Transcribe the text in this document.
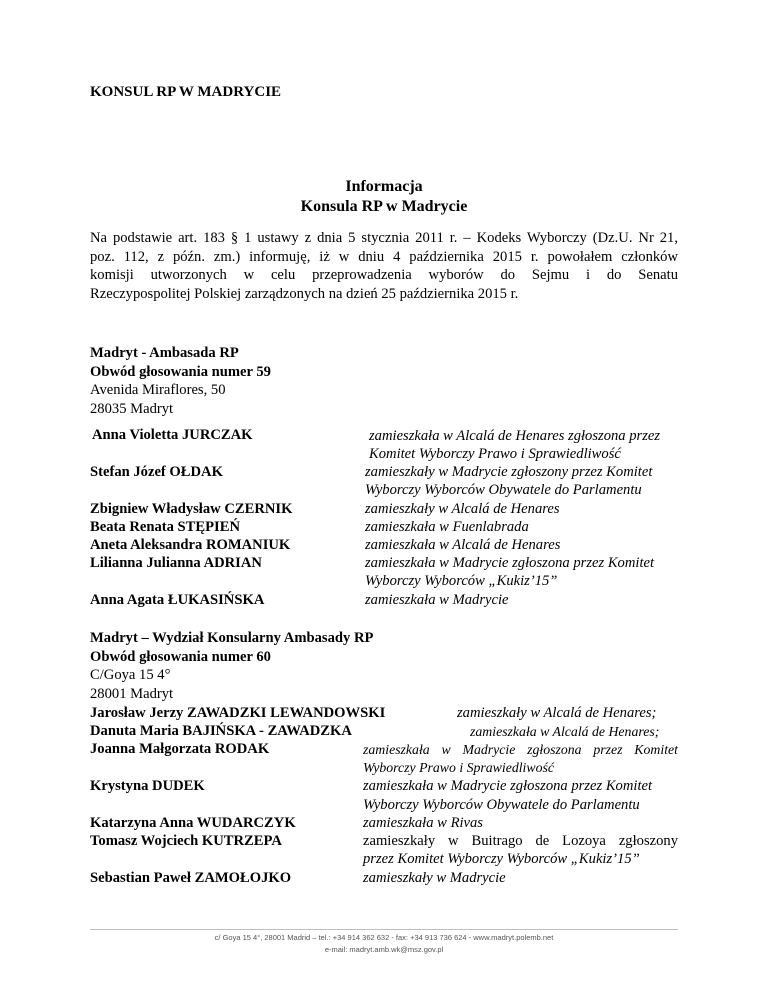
KONSUL RP W MADRYCIE
Informacja
Konsula RP w Madrycie
Na podstawie art. 183 § 1 ustawy z dnia 5 stycznia 2011 r. – Kodeks Wyborczy (Dz.U. Nr 21,
poz. 112, z późn. zm.) informuję, iż w dniu 4 października 2015 r. powołałem członków
komisji utworzonych w celu przeprowadzenia wyborów do Sejmu i do Senatu
Rzeczypospolitej Polskiej zarządzonych na dzień 25 października 2015 r.
Madryt - Ambasada RP
Obwód głosowania numer 59
Avenida Miraflores, 50
28035 Madryt
Anna Violetta JURCZAK
Stefan Józef OŁDAK
Zbigniew Władysław CZERNIK
Beata Renata STĘPIEŃ
Aneta Aleksandra ROMANIUK
Lilianna Julianna ADRIAN
Anna Agata ŁUKASIŃSKA
zamieszkała w Alcalá de Henares zgłoszona przez
Komitet Wyborczy Prawo i Sprawiedliwość
zamieszkały w Madrycie zgłoszony przez Komitet
Wyborczy Wyborców Obywatele do Parlamentu
zamieszkały w Alcalá de Henares
zamieszkała w Fuenlabrada
zamieszkała w Alcalá de Henares
zamieszkała w Madrycie zgłoszona przez Komitet
Wyborczy Wyborców „Kukiz’15”
zamieszkała w Madrycie
Madryt – Wydział Konsularny Ambasady RP
Obwód głosowania numer 60
C/Goya 15 4°
28001 Madryt
Jarosław Jerzy ZAWADZKI LEWANDOWSKI
Danuta Maria BAJIŃSKA - ZAWADZKA
Joanna Małgorzata RODAK
Krystyna DUDEK
Katarzyna Anna WUDARCZYK
Tomasz Wojciech KUTRZEPA
Sebastian Paweł ZAMOŁOJKO
zamieszkały w Alcalá de Henares;
zamieszkała w Alcalá de Henares;
zamieszkała w Madrycie zgłoszona przez Komitet
Wyborczy Prawo i Sprawiedliwość
zamieszkała w Madrycie zgłoszona przez Komitet
Wyborczy Wyborców Obywatele do Parlamentu
zamieszkała w Rivas
zamieszkały w Buitrago de Lozoya zgłoszony
przez Komitet Wyborczy Wyborców „Kukiz’15”
zamieszkały w Madrycie
c/ Goya 15 4°, 28001 Madrid – tel.: +34 914 362 632 - fax: +34 913 736 624 - www.madryt.polemb.net
e-mail: madryt.amb.wk@msz.gov.pl
